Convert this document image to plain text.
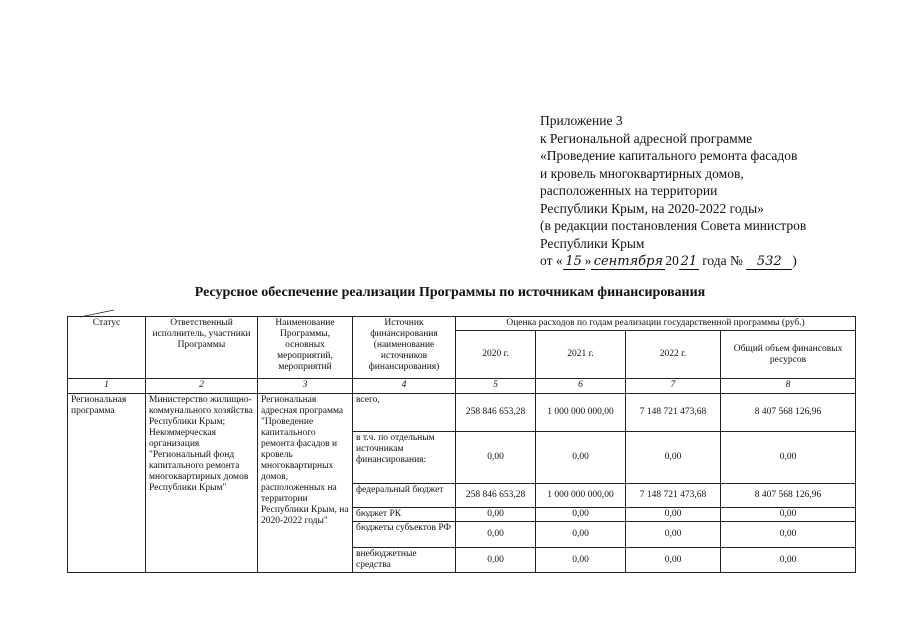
Приложение 3
к Региональной адресной программе
«Проведение капитального ремонта фасадов
и кровель многоквартирных домов,
расположенных на территории
Республики Крым, на 2020-2022 годы»
(в редакции постановления Совета министров
Республики Крым
от « 15 » сентября 20 21 года № 532 )
Ресурсное обеспечение реализации Программы по источникам финансирования
Статус	Ответственный исполнитель, участники Программы	Наименование Программы, основных мероприятий, мероприятий	Источник финансирования (наименование источников финансирования)	Оценка расходов по годам реализации государственной программы (руб.)			
				2020 г.	2021 г.	2022 г.	Общий объем финансовых ресурсов
1	2	3	4	5	6	7	8
Региональная программа	Министерство жилищно-коммунального хозяйства Республики Крым; Некоммерческая организация "Региональный фонд капитального ремонта многоквартирных домов Республики Крым"	Региональная адресная программа "Проведение капитального ремонта фасадов и кровель многоквартирных домов, расположенных на территории Республики Крым, на 2020-2022 годы"	всего,	258 846 653,28	1 000 000 000,00	7 148 721 473,68	8 407 568 126,96
			в т.ч. по отдельным источникам финансирования:	0,00	0,00	0,00	0,00
			федеральный бюджет	258 846 653,28	1 000 000 000,00	7 148 721 473,68	8 407 568 126,96
			бюджет РК	0,00	0,00	0,00	0,00
			бюджеты субъектов РФ	0,00	0,00	0,00	0,00
			внебюджетные средства	0,00	0,00	0,00	0,00
